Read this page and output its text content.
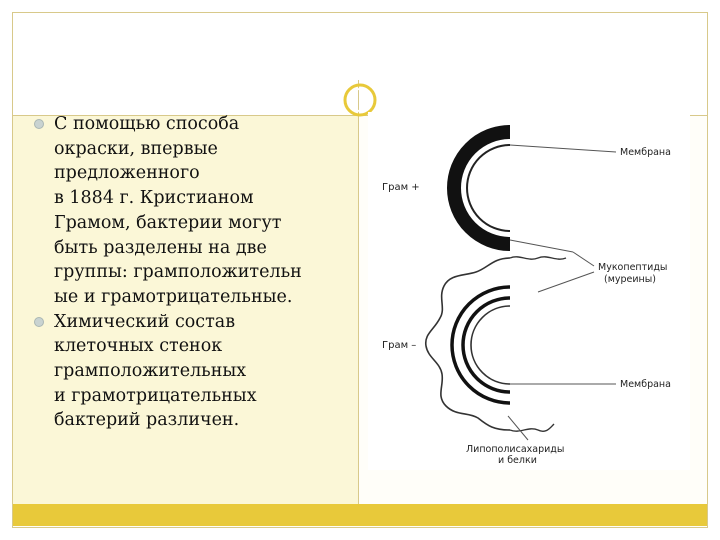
С помощью способа
окраски, впервые
предложенного
в 1884 г. Кристианом
Грамом, бактерии могут
быть разделены на две
группы: грамположительн
ые и грамотрицательные.

Химический состав
клеточных стенок
грамположительных
и грамотрицательных
бактерий различен.

Грам +
Мембрана
Грам –
Мукопептиды
(муреины)
Мембрана
Липополисахариды
и белки
